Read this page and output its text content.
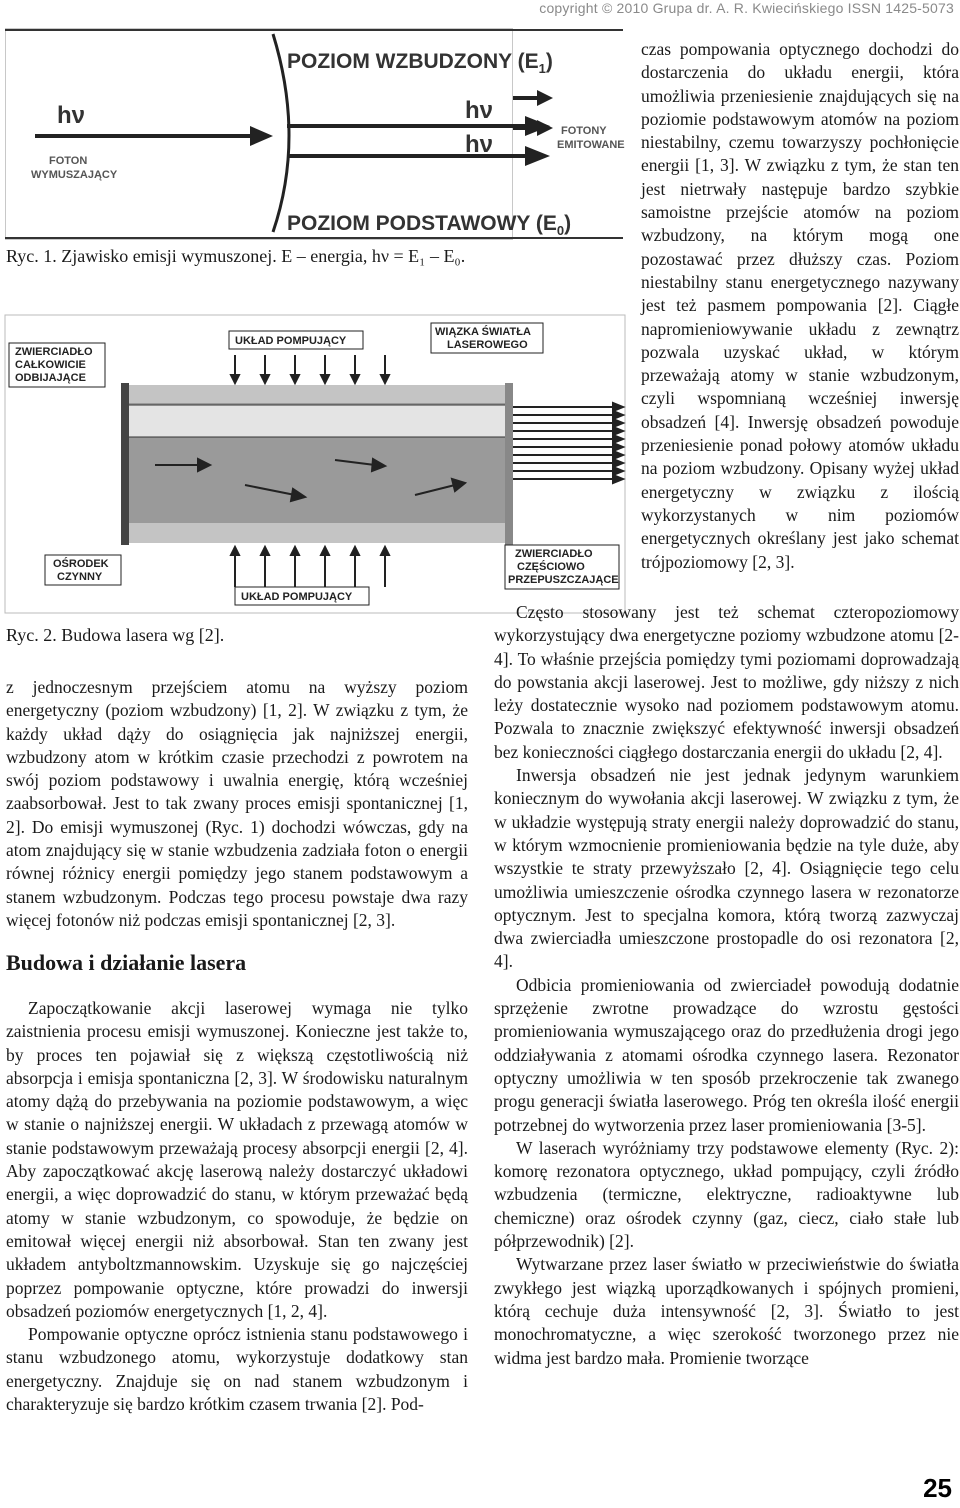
copyright © 2010 Grupa dr. A. R. Kwiecińskiego ISSN 1425-5073
POZIOM WZBUDZONY $(E_1)$
hν
FOTON
WYMUSZAJĄCY
hν
hν
POZIOM PODSTAWOWY $(E_0)$
FOTONY
EMITOWANE
Ryc. 1. Zjawisko emisji wymuszonej. E – energia, hν = E₁ – E₀.
ZWIERCIADŁO
CAŁKOWICIE
ODBIJAJĄCE
UKŁAD POMPUJĄCY
WIĄZKA ŚWIATŁA
LASEROWEGO
OŚRODEK
CZYNNY
UKŁAD POMPUJĄCY
ZWIERCIADŁO
CZĘŚCIOWO
PRZEPUSZCZAJĄCE
Ryc. 2. Budowa lasera wg [2].

z jednoczesnym przejściem atomu na wyższy poziom energetyczny (poziom wzbudzony) [1, 2]. W związku z tym, że każdy układ dąży do osiągnięcia jak najniższej energii, wzbudzony atom w krótkim czasie przechodzi z powrotem na swój poziom podstawowy i uwalnia energię, którą wcześniej zaabsorbował. Jest to tak zwany proces emisji spontanicznej [1, 2]. Do emisji wymuszonej (Ryc. 1) dochodzi wówczas, gdy na atom znajdujący się w stanie wzbudzenia zadziała foton o energii równej różnicy energii pomiędzy jego stanem podstawowym a stanem wzbudzonym. Podczas tego procesu powstaje dwa razy więcej fotonów niż podczas emisji spontanicznej [2, 3].

Budowa i działanie lasera

Zapoczątkowanie akcji laserowej wymaga nie tylko zaistnienia procesu emisji wymuszonej. Konieczne jest także to, by proces ten pojawiał się z większą częstotliwością niż absorpcja i emisja spontaniczna [2, 3]. W środowisku naturalnym atomy dążą do przebywania na poziomie podstawowym, a więc w stanie o najniższej energii. W układach z przewagą atomów w stanie podstawowym przeważają procesy absorpcji energii [2, 4]. Aby zapoczątkować akcję laserową należy dostarczyć układowi energii, a więc doprowadzić do stanu, w którym przeważać będą atomy w stanie wzbudzonym, co spowoduje, że będzie on emitował więcej energii niż absorbował. Stan ten zwany jest układem antyboltzmannowskim. Uzyskuje się go najczęściej poprzez pompowanie optyczne, które prowadzi do inwersji obsadzeń poziomów energetycznych [1, 2, 4].

Pompowanie optyczne oprócz istnienia stanu podstawowego i stanu wzbudzonego atomu, wykorzystuje dodatkowy stan energetyczny. Znajduje się on nad stanem wzbudzonym i charakteryzuje się bardzo krótkim czasem trwania [2]. Pod-

czas pompowania optycznego dochodzi do dostarczenia do układu energii, która umożliwia przeniesienie znajdujących się na poziomie podstawowym atomów na poziom niestabilny, czemu towarzyszy pochłonięcie energii [1, 3]. W związku z tym, że stan ten jest nietrwały następuje bardzo szybkie samoistne przejście atomów na poziom wzbudzony, na którym mogą one pozostawać przez dłuższy czas. Poziom niestabilny stanu energetycznego nazywany jest też pasmem pompowania [2]. Ciągłe napromieniowywanie układu z zewnątrz pozwala uzyskać układ, w którym przeważają atomy w stanie wzbudzonym, czyli wspomnianą wcześniej inwersję obsadzeń [4]. Inwersję obsadzeń powoduje przeniesienie ponad połowy atomów układu na poziom wzbudzony. Opisany wyżej układ energetyczny w związku z ilością wykorzystanych w nim poziomów energetycznych określany jest jako schemat trójpoziomowy [2, 3].

Często stosowany jest też schemat czteropoziomowy wykorzystujący dwa energetyczne poziomy wzbudzone atomu [2-4]. To właśnie przejścia pomiędzy tymi poziomami doprowadzają do powstania akcji laserowej. Jest to możliwe, gdy niższy z nich leży dostatecznie wysoko nad poziomem podstawowym atomu. Pozwala to znacznie zwiększyć efektywność inwersji obsadzeń bez konieczności ciągłego dostarczania energii do układu [2, 4].

Inwersja obsadzeń nie jest jednak jedynym warunkiem koniecznym do wywołania akcji laserowej. W związku z tym, że w układzie występują straty energii należy doprowadzić do stanu, w którym wzmocnienie promieniowania będzie na tyle duże, aby wszystkie te straty przewyższało [2, 4]. Osiągnięcie tego celu umożliwia umieszczenie ośrodka czynnego lasera w rezonatorze optycznym. Jest to specjalna komora, którą tworzą zazwyczaj dwa zwierciadła umieszczone prostopadle do osi rezonatora [2, 4].

Odbicia promieniowania od zwierciadeł powodują dodatnie sprzężenie zwrotne prowadzące do wzrostu gęstości promieniowania wymuszającego oraz do przedłużenia drogi jego oddziaływania z atomami ośrodka czynnego lasera. Rezonator optyczny umożliwia w ten sposób przekroczenie tak zwanego progu generacji światła laserowego. Próg ten określa ilość energii potrzebnej do wytworzenia przez laser promieniowania [3-5].

W laserach wyróżniamy trzy podstawowe elementy (Ryc. 2): komorę rezonatora optycznego, układ pompujący, czyli źródło wzbudzenia (termiczne, elektryczne, radioaktywne lub chemiczne) oraz ośrodek czynny (gaz, ciecz, ciało stałe lub półprzewodnik) [2].

Wytwarzane przez laser światło w przeciwieństwie do światła zwykłego jest wiązką uporządkowanych i spójnych promieni, którą cechuje duża intensywność [2, 3]. Światło to jest monochromatyczne, a więc szerokość tworzonego przez nie widma jest bardzo mała. Promienie tworzące

25
